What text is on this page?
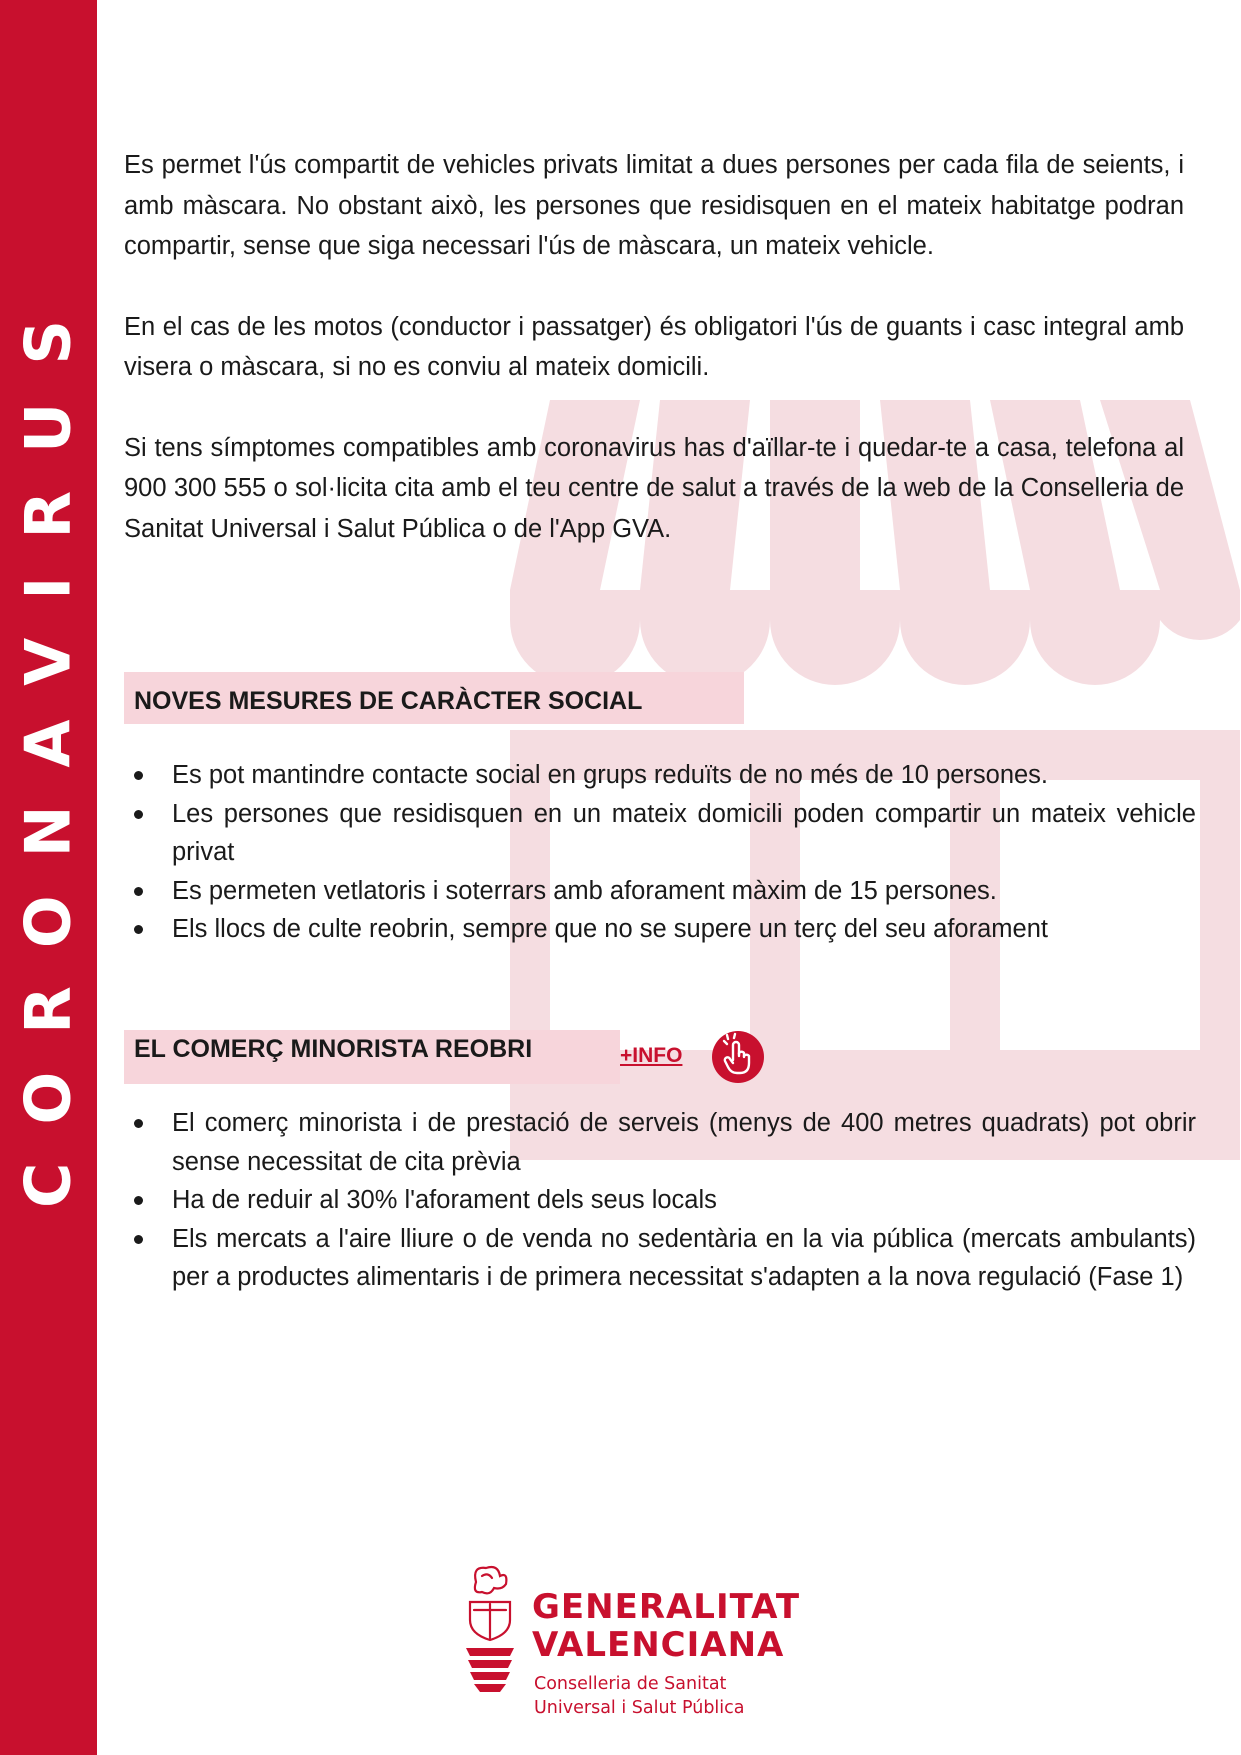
CORONAVIRUS

Es permet l'ús compartit de vehicles privats limitat a dues persones per cada fila de seients, i amb màscara. No obstant això, les persones que residisquen en el mateix habitatge podran compartir, sense que siga necessari l'ús de màscara, un mateix vehicle.

En el cas de les motos (conductor i passatger) és obligatori l'ús de guants i casc integral amb visera o màscara, si no es conviu al mateix domicili.

Si tens símptomes compatibles amb coronavirus has d'aïllar-te i quedar-te a casa, telefona al 900 300 555 o sol·licita cita amb el teu centre de salut a través de la web de la Conselleria de Sanitat Universal i Salut Pública o de l'App GVA.

NOVES MESURES DE CARÀCTER SOCIAL
Es pot mantindre contacte social en grups reduïts de no més de 10 persones.
Les persones que residisquen en un mateix domicili poden compartir un mateix vehicle privat
Es permeten vetlatoris i soterrars amb aforament màxim de 15 persones.
Els llocs de culte reobrin, sempre que no se supere un terç del seu aforament
EL COMERÇ MINORISTA REOBRI	+INFO
El comerç minorista i de prestació de serveis (menys de 400 metres quadrats) pot obrir sense necessitat de cita prèvia
Ha de reduir al 30% l'aforament dels seus locals
Els mercats a l'aire lliure o de venda no sedentària en la via pública (mercats ambulants) per a productes alimentaris i de primera necessitat s'adapten a la nova regulació (Fase 1)
GENERALITAT
VALENCIANA
Conselleria de Sanitat
Universal i Salut Pública
